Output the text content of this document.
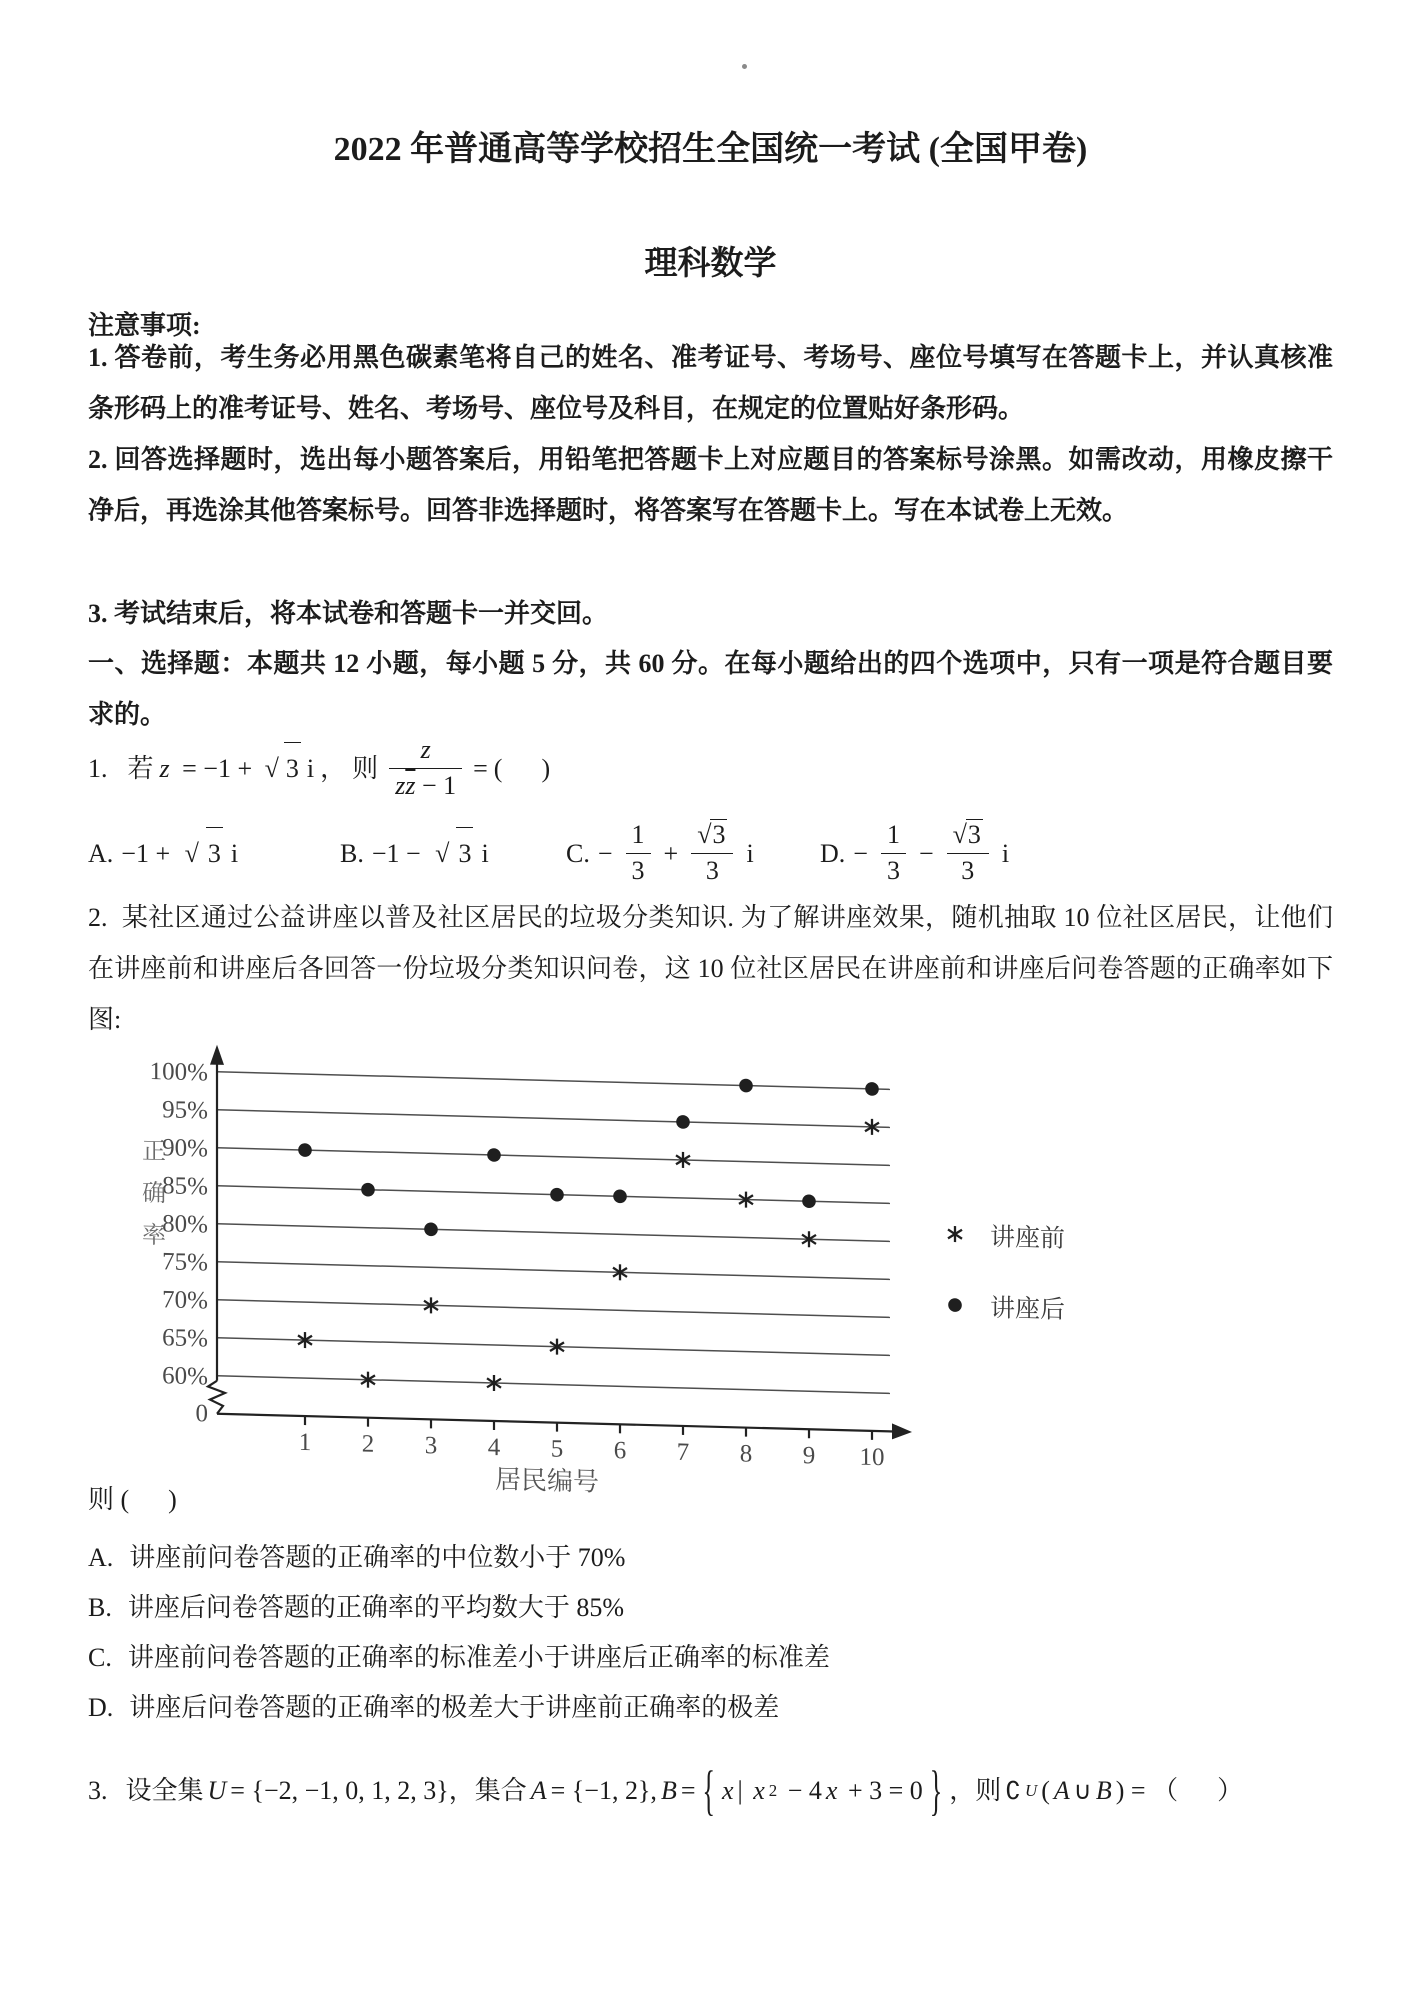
2022 年普通高等学校招生全国统一考试 (全国甲卷)
理科数学
注意事项:
1. 答卷前，考生务必用黑色碳素笔将自己的姓名、准考证号、考场号、座位号填写在答题卡上，并认真核准条形码上的准考证号、姓名、考场号、座位号及科目，在规定的位置贴好条形码。
2. 回答选择题时，选出每小题答案后，用铅笔把答题卡上对应题目的答案标号涂黑。如需改动，用橡皮擦干净后，再选涂其他答案标号。回答非选择题时，将答案写在答题卡上。写在本试卷上无效。
3. 考试结束后，将本试卷和答题卡一并交回。
一、选择题：本题共 12 小题，每小题 5 分，共 60 分。在每小题给出的四个选项中，只有一项是符合题目要求的。
1. 若 z = −1 + √ 3 i ， 则 $\frac{z}{z\overline{z} - 1}$ = (      )
A. −1 + √ 3 i	B. −1 − √ 3 i	C. − $\frac{1}{3} + \frac{√3}{3}$ i	D. − $\frac{1}{3} - \frac{√3}{3}$ i
2. 某社区通过公益讲座以普及社区居民的垃圾分类知识. 为了解讲座效果，随机抽取 10 位社区居民，让他们在讲座前和讲座后各回答一份垃圾分类知识问卷，这 10 位社区居民在讲座前和讲座后问卷答题的正确率如下图:
100%
95%
90%
85%
80%
75%
70%
65%
60%
0
1 2 3 4 5 6 7 8 9 10
正确率
居民编号
讲座前
讲座后
则 (      )
A. 讲座前问卷答题的正确率的中位数小于 70%
B. 讲座后问卷答题的正确率的平均数大于 85%
C. 讲座前问卷答题的正确率的标准差小于讲座后正确率的标准差
D. 讲座后问卷答题的正确率的极差大于讲座前正确率的极差
3. 设全集 U = {−2, −1, 0, 1, 2, 3}，集合 A = {−1, 2}, B = { x | x 2 − 4 x + 3 = 0 } ，则 ∁ U ( A ∪ B ) = （      ）
